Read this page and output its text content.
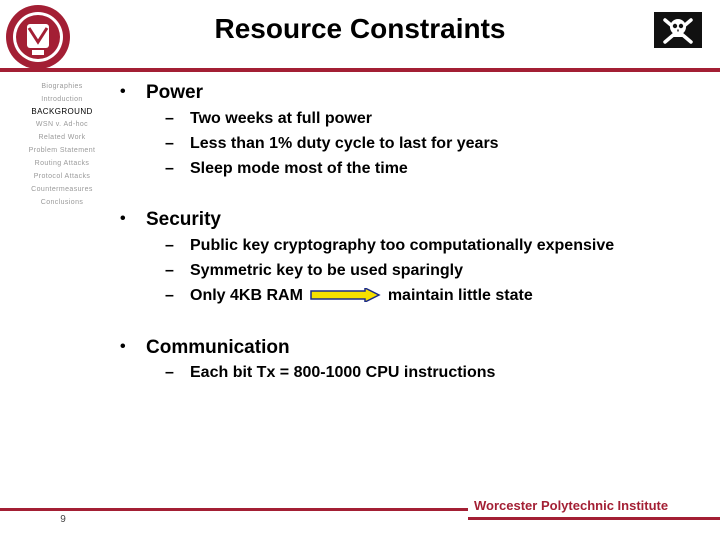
Resource Constraints
Biographies
Introduction
BACKGROUND
WSN v. Ad-hoc
Related Work
Problem Statement
Routing Attacks
Protocol Attacks
Countermeasures
Conclusions
• Power
– Two weeks at full power
– Less than 1% duty cycle to last for years
– Sleep mode most of the time
• Security
– Public key cryptography too computationally expensive
– Symmetric key to be used sparingly
– Only 4KB RAM	maintain little state
• Communication
– Each bit Tx = 800-1000 CPU instructions
Worcester Polytechnic Institute
9
